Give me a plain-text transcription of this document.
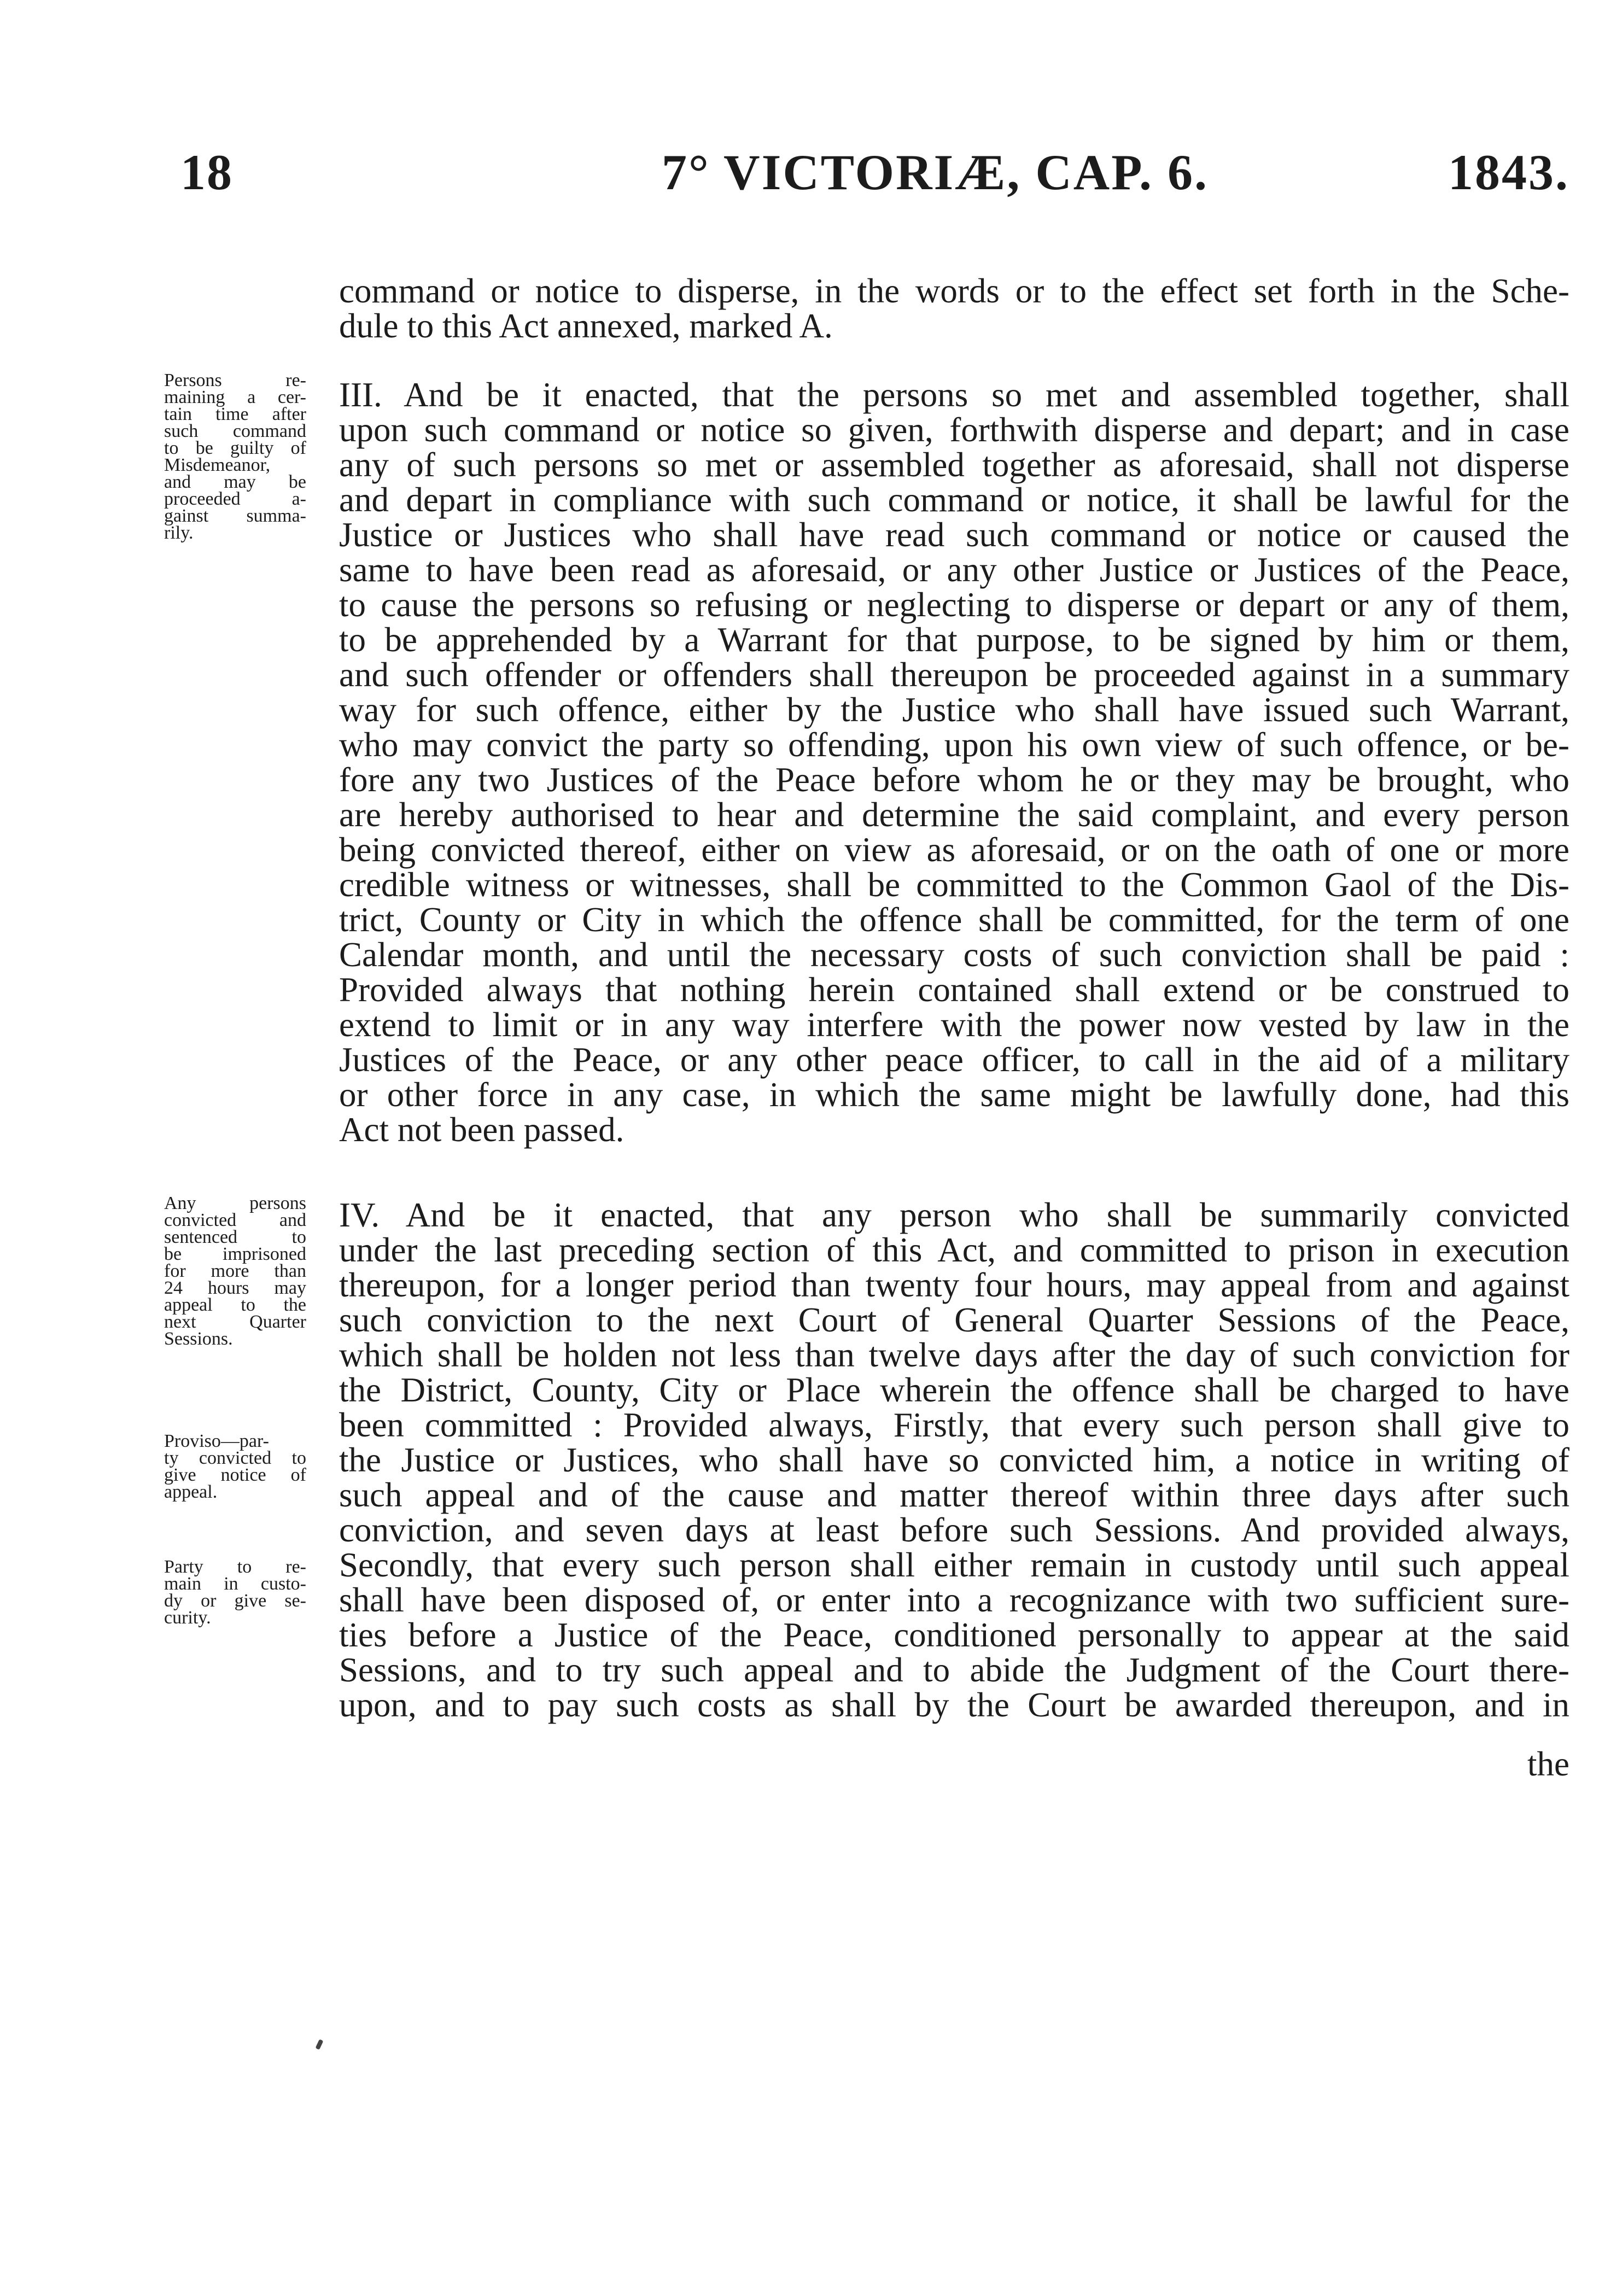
18	7° VICTORIÆ, CAP. 6.	1843.
command or notice to disperse, in the words or to the effect set forth in the Sche-
dule to this Act annexed, marked A.
Persons re-
maining a cer-
tain time after
such command
to be guilty of
Misdemeanor,
and may be
proceeded a-
gainst summa-
rily.
III. And be it enacted, that the persons so met and assembled together, shall
upon such command or notice so given, forthwith disperse and depart; and in case
any of such persons so met or assembled together as aforesaid, shall not disperse
and depart in compliance with such command or notice, it shall be lawful for the
Justice or Justices who shall have read such command or notice or caused the
same to have been read as aforesaid, or any other Justice or Justices of the Peace,
to cause the persons so refusing or neglecting to disperse or depart or any of them,
to be apprehended by a Warrant for that purpose, to be signed by him or them,
and such offender or offenders shall thereupon be proceeded against in a summary
way for such offence, either by the Justice who shall have issued such Warrant,
who may convict the party so offending, upon his own view of such offence, or be-
fore any two Justices of the Peace before whom he or they may be brought, who
are hereby authorised to hear and determine the said complaint, and every person
being convicted thereof, either on view as aforesaid, or on the oath of one or more
credible witness or witnesses, shall be committed to the Common Gaol of the Dis-
trict, County or City in which the offence shall be committed, for the term of one
Calendar month, and until the necessary costs of such conviction shall be paid :
Provided always that nothing herein contained shall extend or be construed to
extend to limit or in any way interfere with the power now vested by law in the
Justices of the Peace, or any other peace officer, to call in the aid of a military
or other force in any case, in which the same might be lawfully done, had this
Act not been passed.
Any persons
convicted and
sentenced to
be imprisoned
for more than
24 hours may
appeal to the
next Quarter
Sessions.
Proviso—par-
ty convicted to
give notice of
appeal.
Party to re-
main in custo-
dy or give se-
curity.
IV. And be it enacted, that any person who shall be summarily convicted
under the last preceding section of this Act, and committed to prison in execution
thereupon, for a longer period than twenty four hours, may appeal from and against
such conviction to the next Court of General Quarter Sessions of the Peace,
which shall be holden not less than twelve days after the day of such conviction for
the District, County, City or Place wherein the offence shall be charged to have
been committed : Provided always, Firstly, that every such person shall give to
the Justice or Justices, who shall have so convicted him, a notice in writing of
such appeal and of the cause and matter thereof within three days after such
conviction, and seven days at least before such Sessions. And provided always,
Secondly, that every such person shall either remain in custody until such appeal
shall have been disposed of, or enter into a recognizance with two sufficient sure-
ties before a Justice of the Peace, conditioned personally to appear at the said
Sessions, and to try such appeal and to abide the Judgment of the Court there-
upon, and to pay such costs as shall by the Court be awarded thereupon, and in
the
